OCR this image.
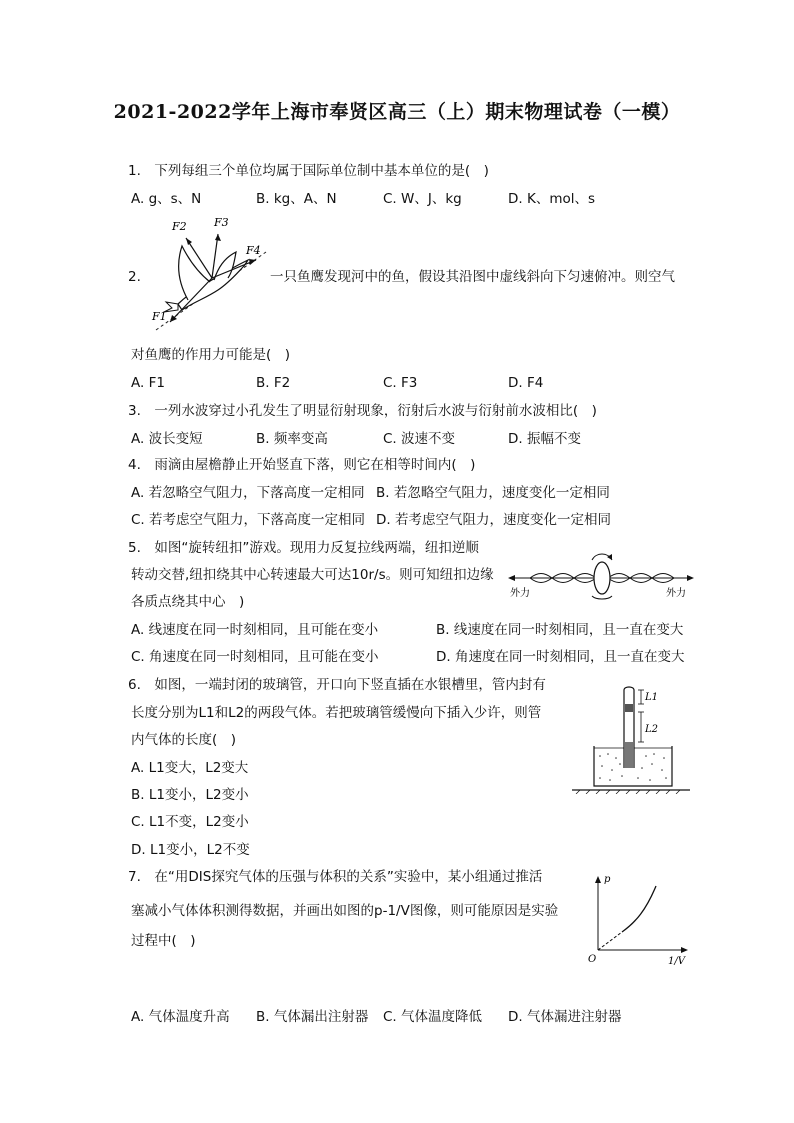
2021-2022学年上海市奉贤区高三（上）期末物理试卷（一模）
1.　下列每组三个单位均属于国际单位制中基本单位的是(　)
A. g、s、N	B. kg、A、N	C. W、J、kg	D. K、mol、s
2.
F2 F3
F4
F1
一只鱼鹰发现河中的鱼，假设其沿图中虚线斜向下匀速俯冲。则空气
对鱼鹰的作用力可能是(　)
A. F1	B. F2	C. F3	D. F4
3.　一列水波穿过小孔发生了明显衍射现象，衍射后水波与衍射前水波相比(　)
A. 波长变短	B. 频率变高	C. 波速不变	D. 振幅不变
4.　雨滴由屋檐静止开始竖直下落，则它在相等时间内(　)
A. 若忽略空气阻力，下落高度一定相同 B. 若忽略空气阻力，速度变化一定相同
C. 若考虑空气阻力，下落高度一定相同 D. 若考虑空气阻力，速度变化一定相同
5.　如图“旋转纽扣”游戏。现用力反复拉线两端，纽扣逆顺
转动交替,纽扣绕其中心转速最大可达10r/s。则可知纽扣边缘
各质点绕其中心　)
外力	外力
A. 线速度在同一时刻相同，且可能在变小	B. 线速度在同一时刻相同，且一直在变大
C. 角速度在同一时刻相同，且可能在变小	D. 角速度在同一时刻相同，且一直在变大
6.　如图，一端封闭的玻璃管，开口向下竖直插在水银槽里，管内封有
长度分别为L1和L2的两段气体。若把玻璃管缓慢向下插入少许，则管
内气体的长度(　)
L1
L2
A. L1变大，L2变大
B. L1变小，L2变小
C. L1不变，L2变小
D. L1变小，L2不变
7.　在“用DIS探究气体的压强与体积的关系”实验中，某小组通过推活
塞减小气体体积测得数据，并画出如图的p-1/V图像，则可能原因是实验
过程中(　)
p
O	1/V
A. 气体温度升高 B. 气体漏出注射器 C. 气体温度降低 D. 气体漏进注射器
